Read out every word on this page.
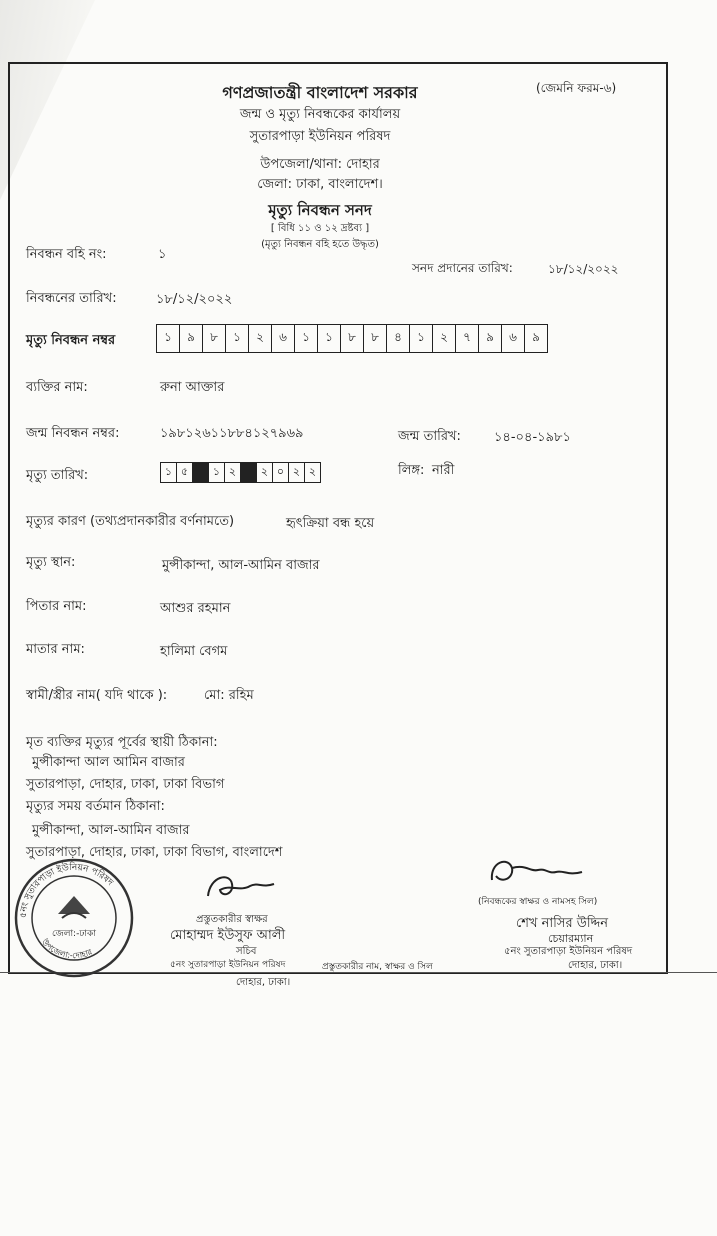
গণপ্রজাতন্ত্রী বাংলাদেশ সরকার	(জেমনি ফরম-৬)
জন্ম ও মৃত্যু নিবন্ধকের কার্যালয়
সুতারপাড়া ইউনিয়ন পরিষদ
উপজেলা/থানা: দোহার
জেলা: ঢাকা, বাংলাদেশ।
মৃত্যু নিবন্ধন সনদ
[ বিধি ১১ ও ১২ দ্রষ্টব্য ]
(মৃত্যু নিবন্ধন বহি হতে উদ্ধৃত)
নিবন্ধন বহি নং:	১
সনদ প্রদানের তারিখ:	১৮/১২/২০২২
নিবন্ধনের তারিখ:	১৮/১২/২০২২
মৃত্যু নিবন্ধন নম্বর	১	৯	৮	১	২	৬	১	১	৮	৮	৪	১	২	৭	৯	৬	৯
ব্যক্তির নাম:	রুনা আক্তার
জন্ম নিবন্ধন নম্বর:	১৯৮১২৬১১৮৮৪১২৭৯৬৯	জন্ম তারিখ:	১৪-০৪-১৯৮১
মৃত্যু তারিখ:	১ ৫	১ ২	২ ০ ২ ২	লিঙ্গ: নারী
মৃত্যুর কারণ (তথ্যপ্রদানকারীর বর্ণনামতে)	হৃৎক্রিয়া বন্ধ হয়ে
মৃত্যু স্থান:	মুন্সীকান্দা, আল-আমিন বাজার
পিতার নাম:	আশুর রহমান
মাতার নাম:	হালিমা বেগম
স্বামী/স্ত্রীর নাম( যদি থাকে ):	মো: রহিম
মৃত ব্যক্তির মৃত্যুর পূর্বের স্থায়ী ঠিকানা:
মুন্সীকান্দা আল আমিন বাজার
সুতারপাড়া, দোহার, ঢাকা, ঢাকা বিভাগ
মৃত্যুর সময় বর্তমান ঠিকানা:
মুন্সীকান্দা, আল-আমিন বাজার
সুতারপাড়া, দোহার, ঢাকা, ঢাকা বিভাগ, বাংলাদেশ
(নিবন্ধকের স্বাক্ষর ও নামসহ সিল)
শেখ নাসির উদ্দিন
চেয়ারম্যান
৫নং সুতারপাড়া ইউনিয়ন পরিষদ
দোহার, ঢাকা।
প্রস্তুতকারীর স্বাক্ষর
মোহাম্মদ ইউসুফ আলী
সচিব
৫নং সুতারপাড়া ইউনিয়ন পরিষদ	প্রস্তুতকারীর নাম, স্বাক্ষর ও সিল
দোহার, ঢাকা।
৫নং সুতারপাড়া ইউনিয়ন পরিষদ
জেলা:-ঢাকা
উপজেলা:-দোহার
